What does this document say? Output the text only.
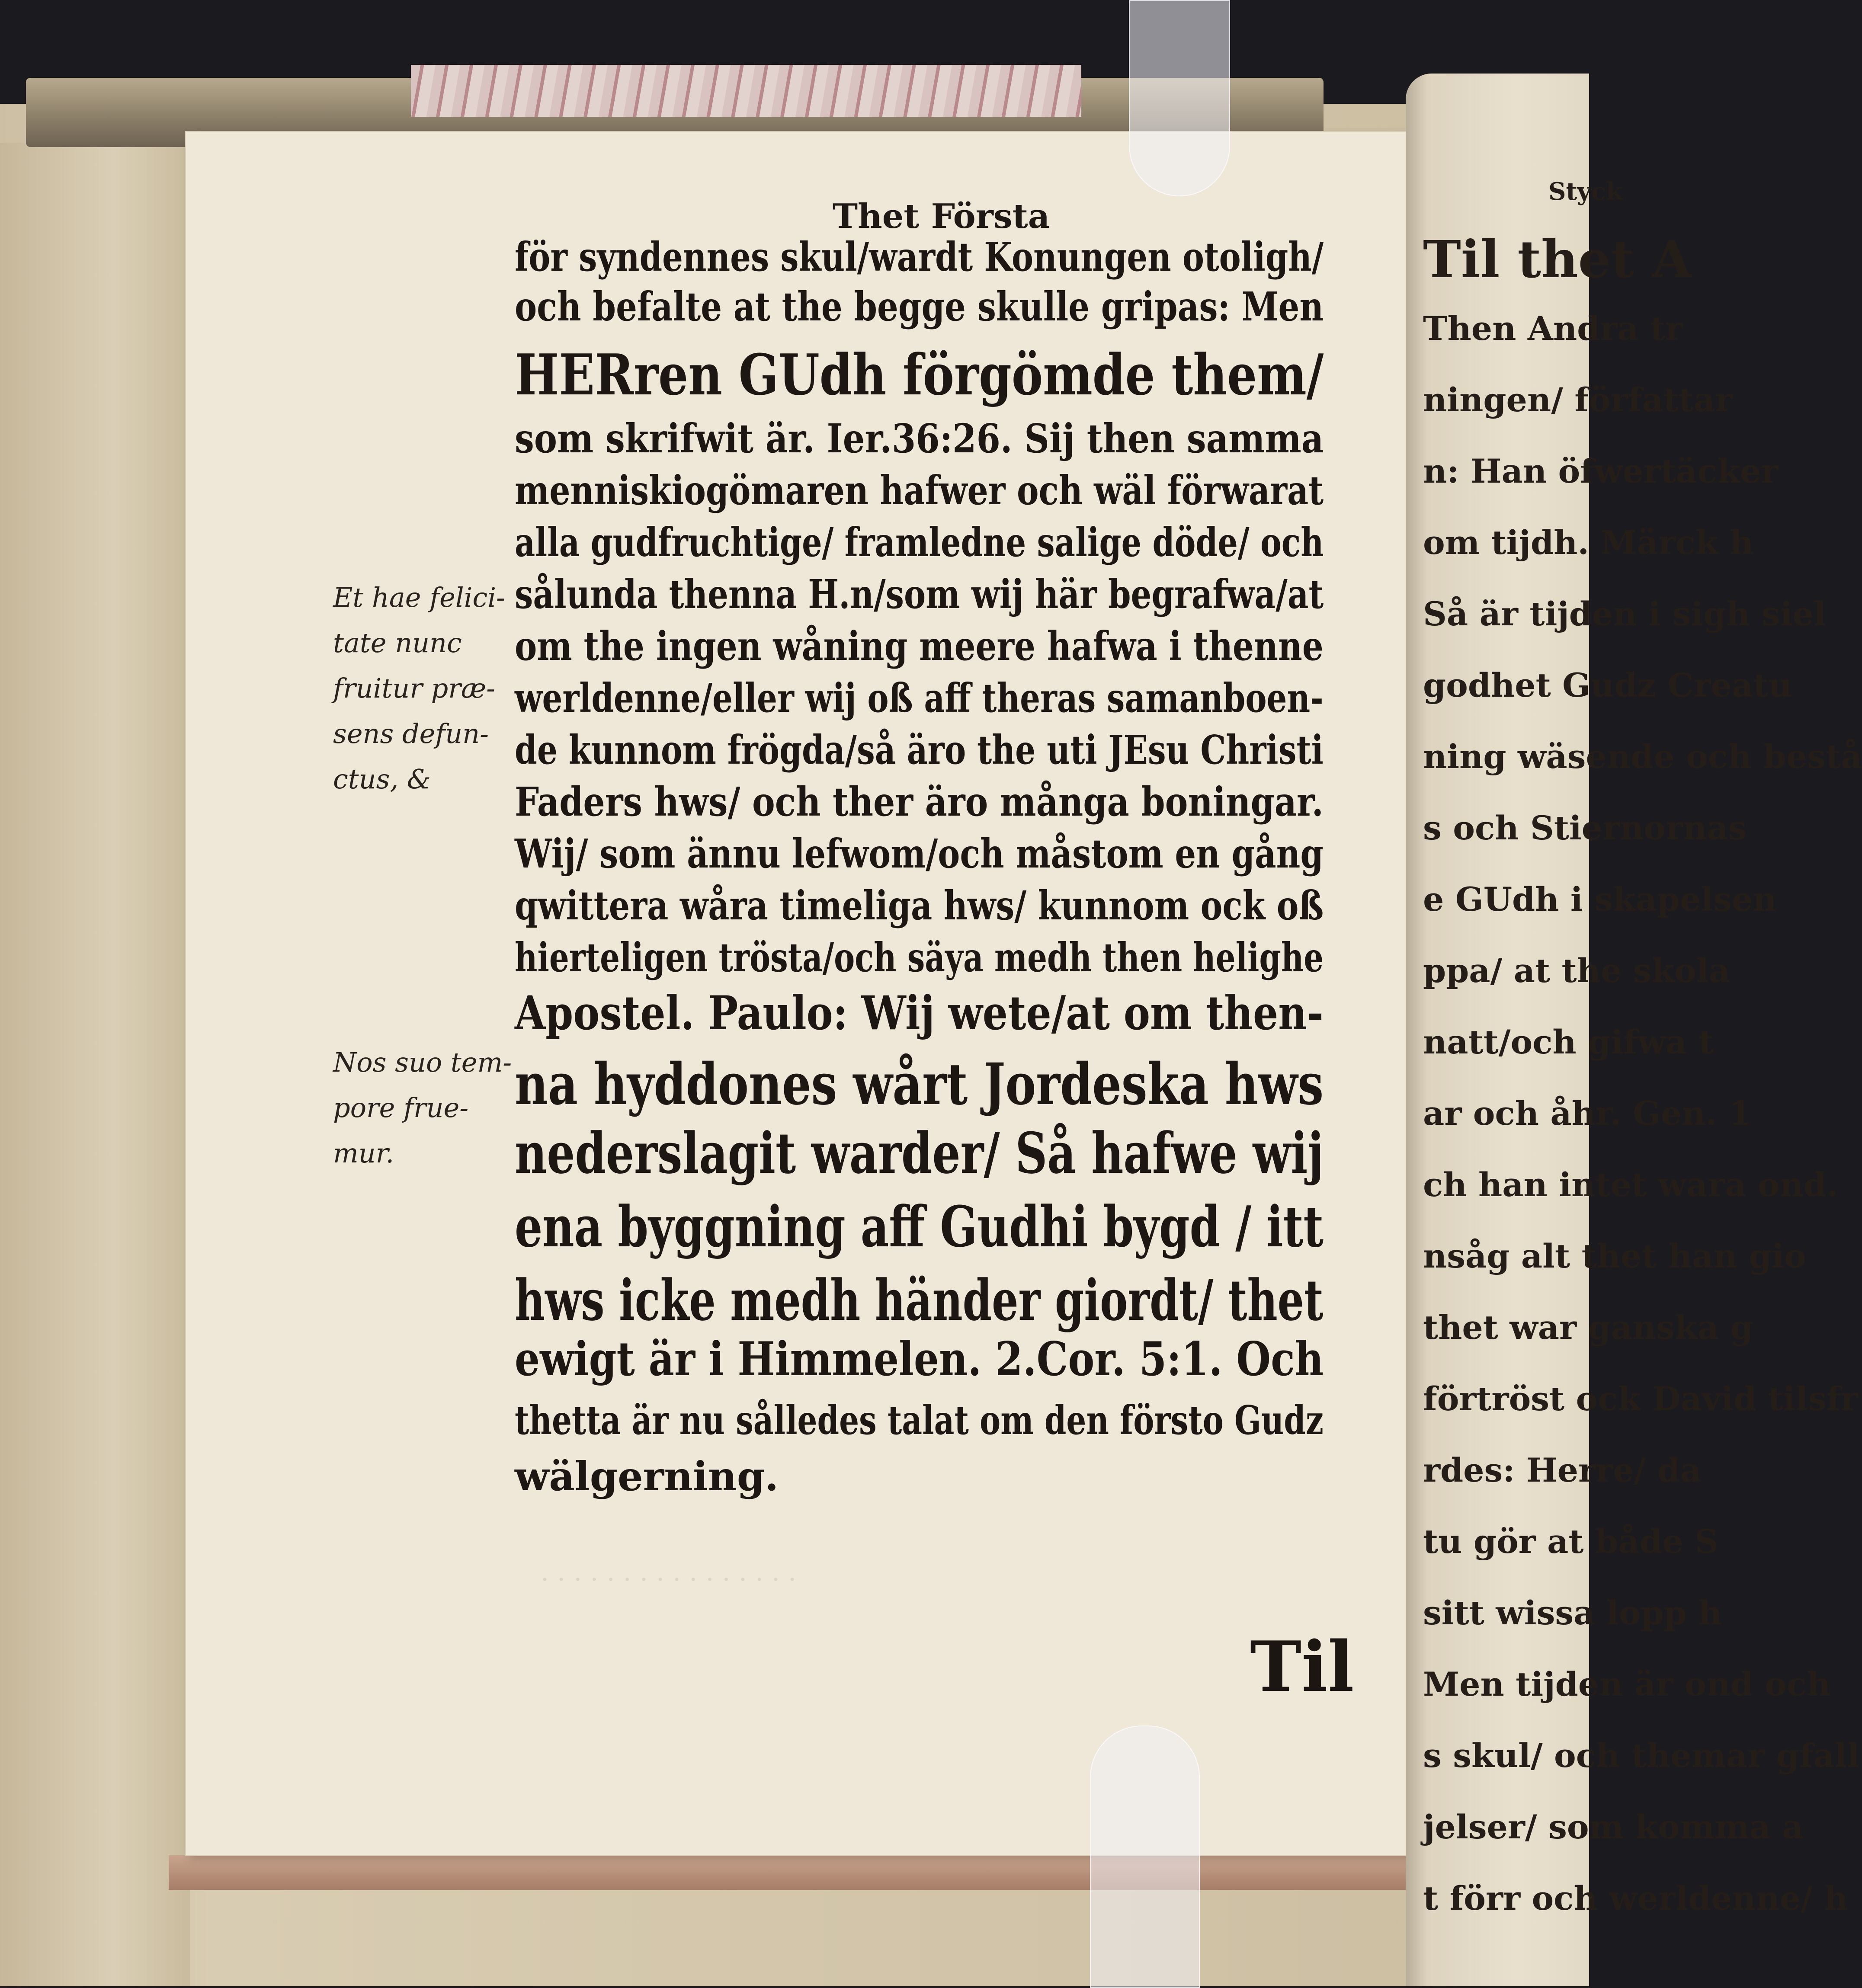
. . . . . . . . . . . . . . . .
Thet Första
för syndennes skul/wardt Konungen otoligh/
och befalte at the begge skulle gripas: Men
HERren GUdh förgömde them/
som skrifwit är. Ier.36:26. Sij then samma
menniskiogömaren hafwer och wäl förwarat
alla gudfruchtige/ framledne salige döde/ och
sålunda thenna H.n/som wij här begrafwa/at
om the ingen wåning meere hafwa i thenne
werldenne/eller wij oß aff theras samanboen-
de kunnom frögda/så äro the uti JEsu Christi
Faders hws/ och ther äro många boningar.
Wij/ som ännu lefwom/och måstom en gång
qwittera wåra timeliga hws/ kunnom ock oß
hierteligen trösta/och säya medh then helighe
Apostel. Paulo: Wij wete/at om then-
na hyddones wårt Jordeska hws
nederslagit warder/ Så hafwe wij
ena byggning aff Gudhi bygd / itt
hws icke medh händer giordt/ thet
ewigt är i Himmelen. 2.Cor. 5:1. Och
thetta är nu sålledes talat om den försto Gudz
wälgerning.
Et hae felici-
tate nunc
fruitur præ-
sens defun-
ctus, &
Nos suo tem-
pore frue-
mur.
Til
Styck
Til thet A
Then Andra tr
ningen/ författar
n: Han öfwertäcker
om tijdh. Märck h
Så är tijden i sigh siel
godhet Gudz Creatu
ning wäsende och bestå
s och Stiernornas
e GUdh i skapelsen
ppa/ at the skola
natt/och gifwa t
ar och åhr. Gen. 1
ch han intet wara ond.
nsåg alt thet han gio
thet war ganska g
förtröst ock David tilsfr
rdes: Herre/ da
tu gör at både S
sitt wissa lopp h
Men tijden är ond och
s skul/ och themar gfall
jelser/ som komma a
t förr och werldenne/ h
